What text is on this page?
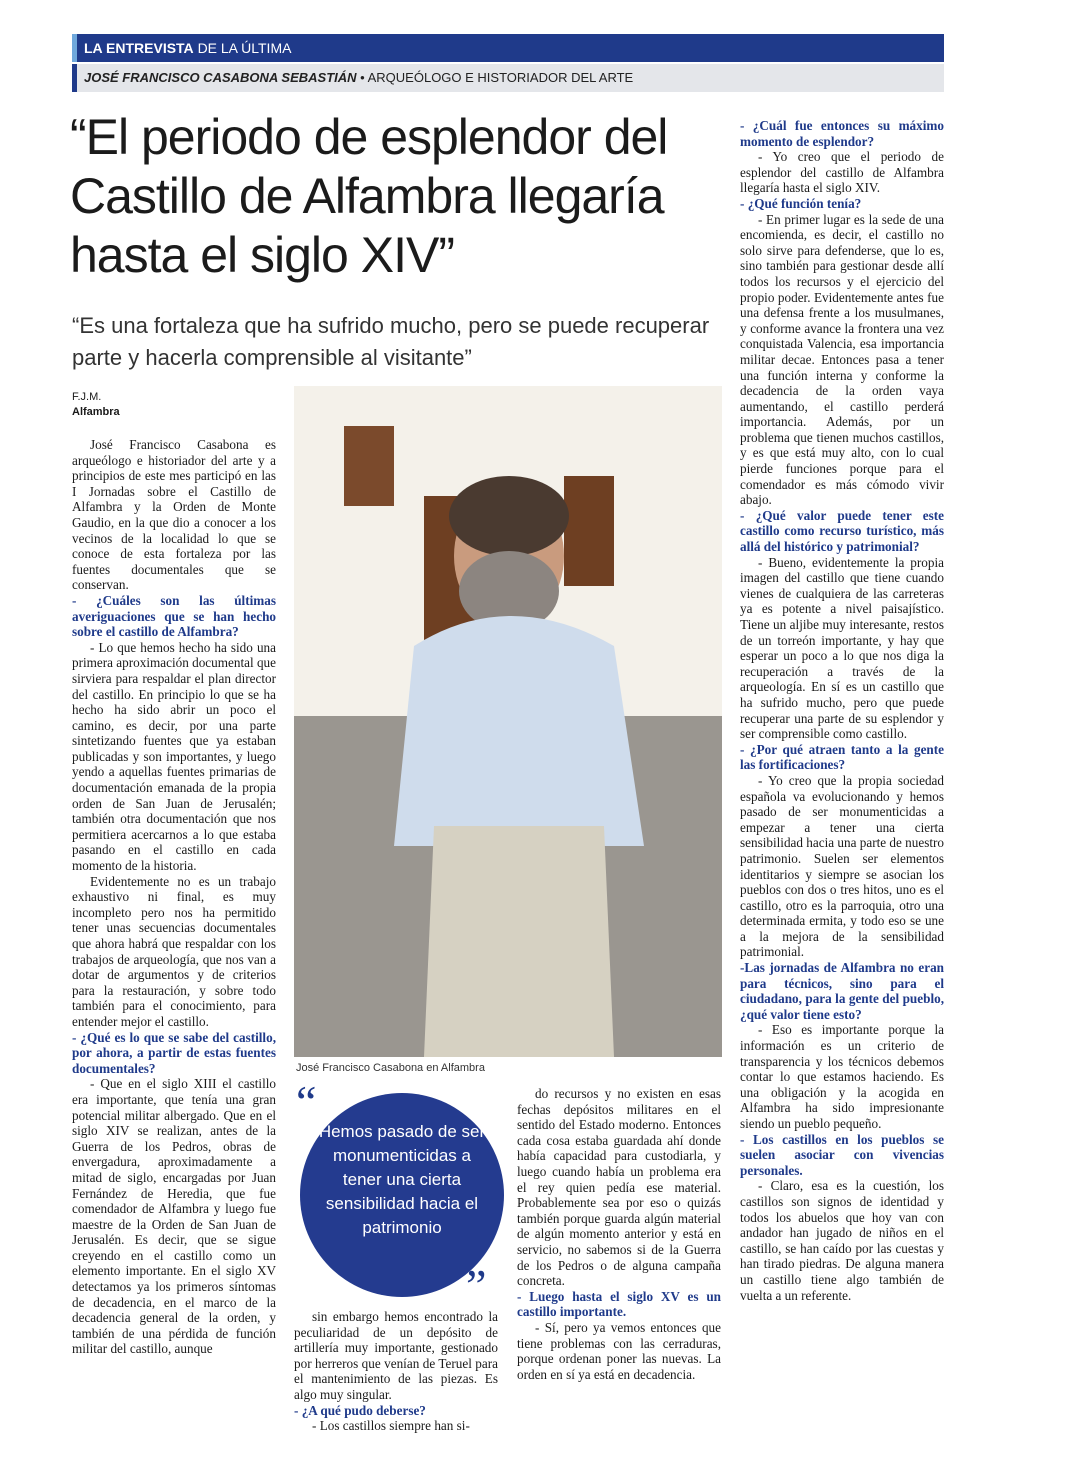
LA ENTREVISTA DE LA ÚLTIMA
JOSÉ FRANCISCO CASABONA SEBASTIÁN • ARQUEÓLOGO E HISTORIADOR DEL ARTE
“El periodo de esplendor del Castillo de Alfambra llegaría hasta el siglo XIV”
“Es una fortaleza que ha sufrido mucho, pero se puede recuperar parte y hacerla comprensible al visitante”
F.J.M.
Alfambra

José Francisco Casabona es arqueólogo e historiador del arte y a principios de este mes participó en las I Jornadas sobre el Castillo de Alfambra y la Orden de Monte Gaudio, en la que dio a conocer a los vecinos de la localidad lo que se conoce de esta fortaleza por las fuentes documentales que se conservan.

- ¿Cuáles son las últimas averiguaciones que se han hecho sobre el castillo de Alfambra?

- Lo que hemos hecho ha sido una primera aproximación documental que sirviera para respaldar el plan director del castillo. En principio lo que se ha hecho ha sido abrir un poco el camino, es decir, por una parte sintetizando fuentes que ya estaban publicadas y son importantes, y luego yendo a aquellas fuentes primarias de documentación emanada de la propia orden de San Juan de Jerusalén; también otra documentación que nos permitiera acercarnos a lo que estaba pasando en el castillo en cada momento de la historia.

Evidentemente no es un trabajo exhaustivo ni final, es muy incompleto pero nos ha permitido tener unas secuencias documentales que ahora habrá que respaldar con los trabajos de arqueología, que nos van a dotar de argumentos y de criterios para la restauración, y sobre todo también para el conocimiento, para entender mejor el castillo.

- ¿Qué es lo que se sabe del castillo, por ahora, a partir de estas fuentes documentales?

- Que en el siglo XIII el castillo era importante, que tenía una gran potencial militar albergado. Que en el siglo XIV se realizan, antes de la Guerra de los Pedros, obras de envergadura, aproximadamente a mitad de siglo, encargadas por Juan Fernández de Heredia, que fue comendador de Alfambra y luego fue maestre de la Orden de San Juan de Jerusalén. Es decir, que se sigue creyendo en el castillo como un elemento importante. En el siglo XV detectamos ya los primeros síntomas de decadencia, en el marco de la decadencia general de la orden, y también de una pérdida de función militar del castillo, aunque

José Francisco Casabona en Alfambra

sin embargo hemos encontrado la peculiaridad de un depósito de artillería muy importante, gestionado por herreros que venían de Teruel para el mantenimiento de las piezas. Es algo muy singular.

- ¿A qué pudo deberse?

- Los castillos siempre han si-

do recursos y no existen en esas fechas depósitos militares en el sentido del Estado moderno. Entonces cada cosa estaba guardada ahí donde había capacidad para custodiarla, y luego cuando había un problema era el rey quien pedía ese material. Probablemente sea por eso o quizás también porque guarda algún material de algún momento anterior y está en servicio, no sabemos si de la Guerra de los Pedros o de alguna campaña concreta.

- Luego hasta el siglo XV es un castillo importante.

- Sí, pero ya vemos entonces que tiene problemas con las cerraduras, porque ordenan poner las nuevas. La orden en sí ya está en decadencia.

“
Hemos pasado de ser monumenticidas a tener una cierta sensibilidad hacia el patrimonio
”

- ¿Cuál fue entonces su máximo momento de esplendor?

- Yo creo que el periodo de esplendor del castillo de Alfambra llegaría hasta el siglo XIV.

- ¿Qué función tenía?

- En primer lugar es la sede de una encomienda, es decir, el castillo no solo sirve para defenderse, que lo es, sino también para gestionar desde allí todos los recursos y el ejercicio del propio poder. Evidentemente antes fue una defensa frente a los musulmanes, y conforme avance la frontera una vez conquistada Valencia, esa importancia militar decae. Entonces pasa a tener una función interna y conforme la decadencia de la orden vaya aumentando, el castillo perderá importancia. Además, por un problema que tienen muchos castillos, y es que está muy alto, con lo cual pierde funciones porque para el comendador es más cómodo vivir abajo.

- ¿Qué valor puede tener este castillo como recurso turístico, más allá del histórico y patrimonial?

- Bueno, evidentemente la propia imagen del castillo que tiene cuando vienes de cualquiera de las carreteras ya es potente a nivel paisajístico. Tiene un aljibe muy interesante, restos de un torreón importante, y hay que esperar un poco a lo que nos diga la recuperación a través de la arqueología. En sí es un castillo que ha sufrido mucho, pero que puede recuperar una parte de su esplendor y ser comprensible como castillo.

- ¿Por qué atraen tanto a la gente las fortificaciones?

- Yo creo que la propia sociedad española va evolucionando y hemos pasado de ser monumenticidas a empezar a tener una cierta sensibilidad hacia una parte de nuestro patrimonio. Suelen ser elementos identitarios y siempre se asocian los pueblos con dos o tres hitos, uno es el castillo, otro es la parroquia, otro una determinada ermita, y todo eso se une a la mejora de la sensibilidad patrimonial.

-Las jornadas de Alfambra no eran para técnicos, sino para el ciudadano, para la gente del pueblo, ¿qué valor tiene esto?

- Eso es importante porque la información es un criterio de transparencia y los técnicos debemos contar lo que estamos haciendo. Es una obligación y la acogida en Alfambra ha sido impresionante siendo un pueblo pequeño.

- Los castillos en los pueblos se suelen asociar con vivencias personales.

- Claro, esa es la cuestión, los castillos son signos de identidad y todos los abuelos que hoy van con andador han jugado de niños en el castillo, se han caído por las cuestas y han tirado piedras. De alguna manera un castillo tiene algo también de vuelta a un referente.
